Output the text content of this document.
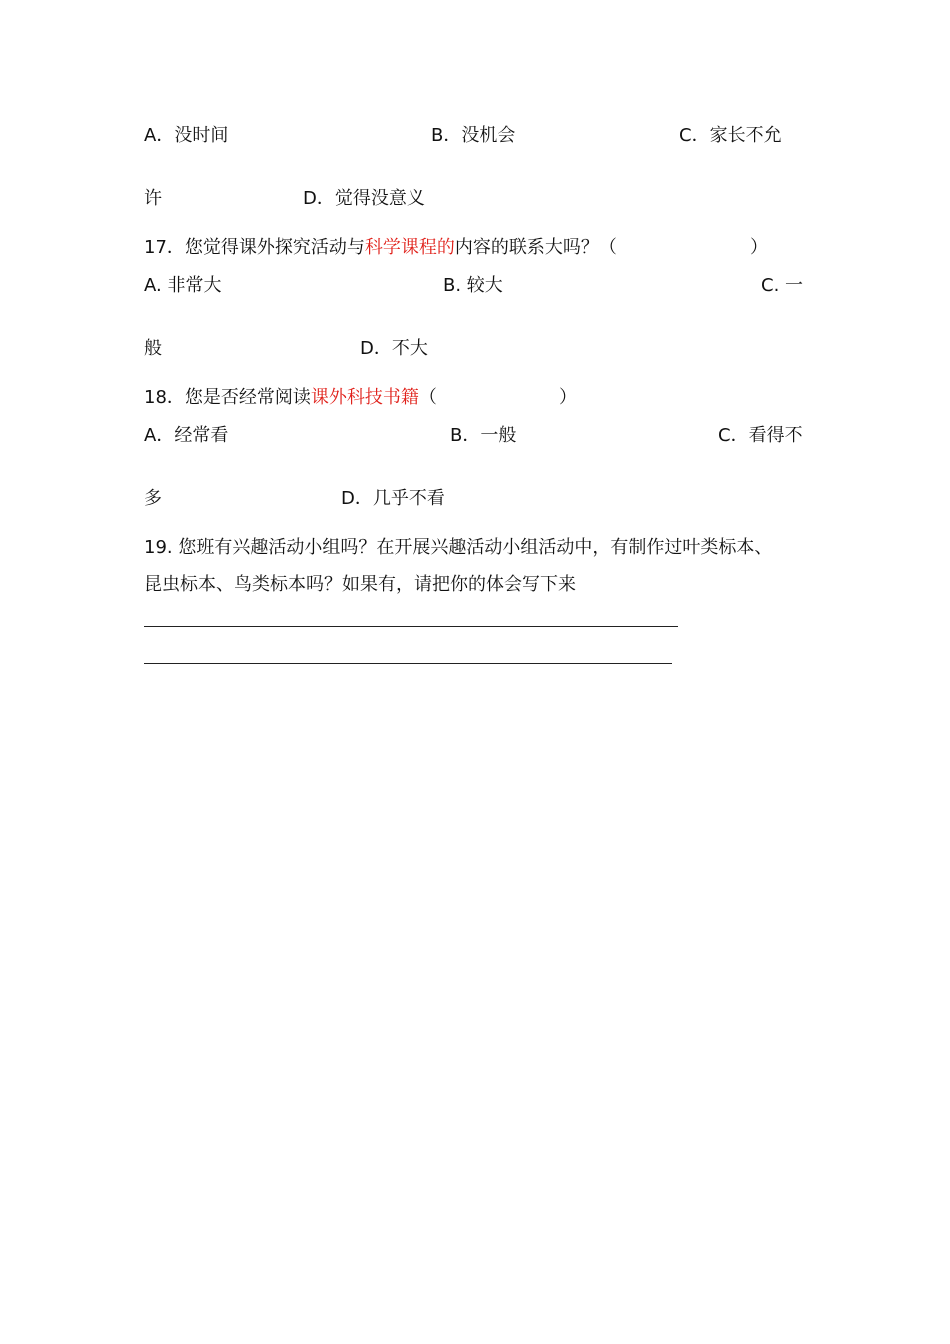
A．没时间	B．没机会	C．家长不允
许	D．觉得没意义
17．您觉得课外探究活动与科学课程的内容的联系大吗？（	）
A. 非常大	B. 较大	C. 一
般	D．不大
18．您是否经常阅读课外科技书籍（	）
A．经常看	B．一般	C．看得不
多	D．几乎不看
19. 您班有兴趣活动小组吗？在开展兴趣活动小组活动中，有制作过叶类标本、
昆虫标本、鸟类标本吗？如果有，请把你的体会写下来
